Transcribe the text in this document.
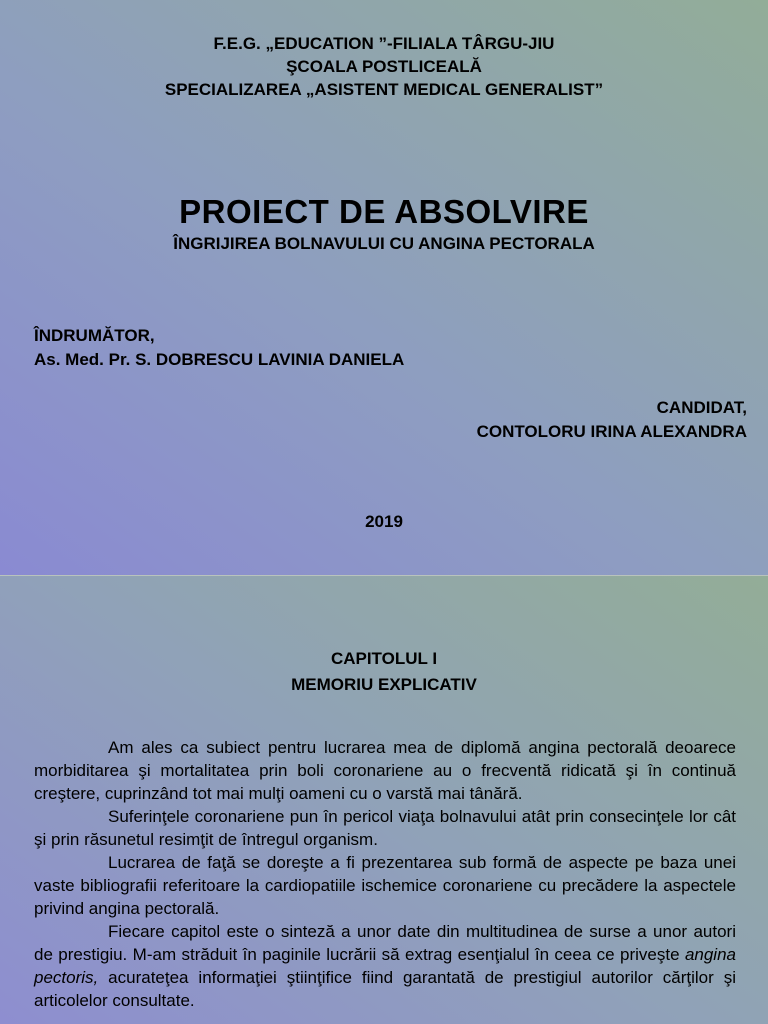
F.E.G. „EDUCATION ”-FILIALA TÂRGU-JIU
ŞCOALA POSTLICEALĂ
SPECIALIZAREA „ASISTENT MEDICAL GENERALIST”
PROIECT DE ABSOLVIRE
ÎNGRIJIREA BOLNAVULUI CU ANGINA PECTORALA
ÎNDRUMĂTOR,
As. Med. Pr. S. DOBRESCU LAVINIA DANIELA
CANDIDAT,
CONTOLORU IRINA ALEXANDRA
2019
CAPITOLUL I
MEMORIU EXPLICATIV

Am ales ca subiect pentru lucrarea mea de diplomă angina pectorală deoarece morbiditarea şi mortalitatea prin boli coronariene au o frecventă ridicată şi în continuă creştere, cuprinzând tot mai mulţi oameni cu o varstă mai tânără.

Suferinţele coronariene pun în pericol viaţa bolnavului atât prin consecinţele lor cât şi prin răsunetul resimţit de întregul organism.

Lucrarea de faţă se doreşte a fi prezentarea sub formă de aspecte pe baza unei vaste bibliografii referitoare la cardiopatiile ischemice coronariene cu precădere la aspectele privind angina pectorală.

Fiecare capitol este o sinteză a unor date din multitudinea de surse a unor autori de prestigiu. M-am străduit în paginile lucrării să extrag esenţialul în ceea ce priveşte angina pectoris, acurateţea informaţiei ştiinţifice fiind garantată de prestigiul autorilor cărţilor şi articolelor consultate.
